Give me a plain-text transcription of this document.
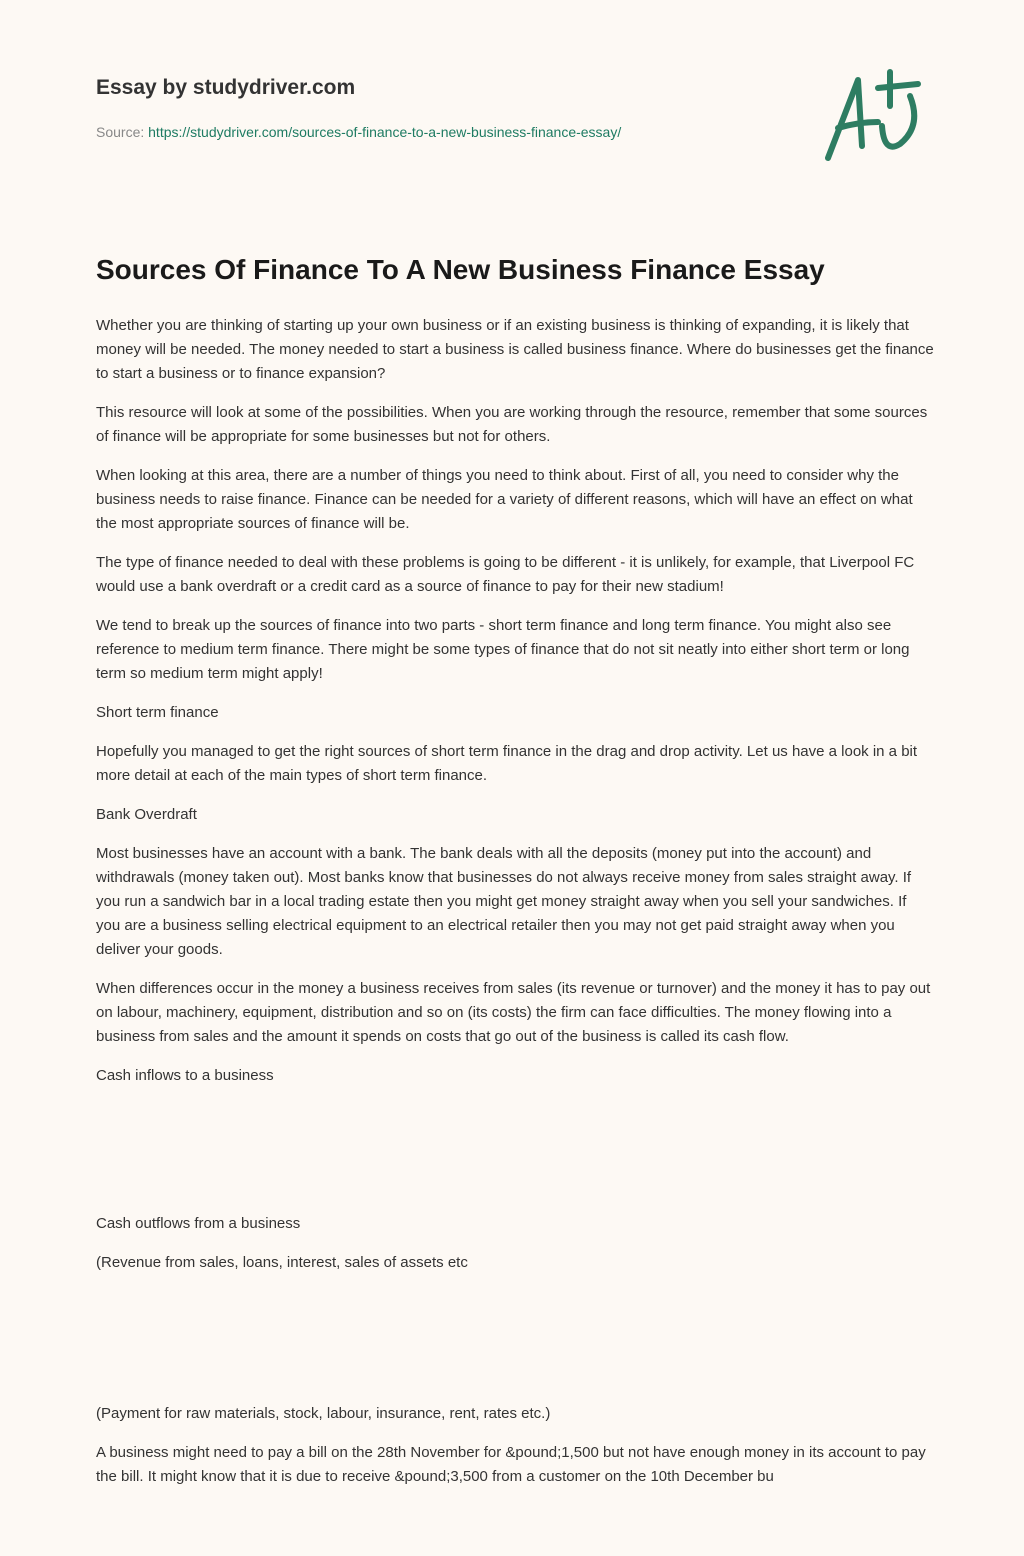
Essay by studydriver.com
Source: https://studydriver.com/sources-of-finance-to-a-new-business-finance-essay/
Sources Of Finance To A New Business Finance Essay

Whether you are thinking of starting up your own business or if an existing business is thinking of expanding, it is likely that money will be needed. The money needed to start a business is called business finance. Where do businesses get the finance to start a business or to finance expansion?

This resource will look at some of the possibilities. When you are working through the resource, remember that some sources of finance will be appropriate for some businesses but not for others.

When looking at this area, there are a number of things you need to think about. First of all, you need to consider why the business needs to raise finance. Finance can be needed for a variety of different reasons, which will have an effect on what the most appropriate sources of finance will be.

The type of finance needed to deal with these problems is going to be different - it is unlikely, for example, that Liverpool FC would use a bank overdraft or a credit card as a source of finance to pay for their new stadium!

We tend to break up the sources of finance into two parts - short term finance and long term finance. You might also see reference to medium term finance. There might be some types of finance that do not sit neatly into either short term or long term so medium term might apply!

Short term finance

Hopefully you managed to get the right sources of short term finance in the drag and drop activity. Let us have a look in a bit more detail at each of the main types of short term finance.

Bank Overdraft

Most businesses have an account with a bank. The bank deals with all the deposits (money put into the account) and withdrawals (money taken out). Most banks know that businesses do not always receive money from sales straight away. If you run a sandwich bar in a local trading estate then you might get money straight away when you sell your sandwiches. If you are a business selling electrical equipment to an electrical retailer then you may not get paid straight away when you deliver your goods.

When differences occur in the money a business receives from sales (its revenue or turnover) and the money it has to pay out on labour, machinery, equipment, distribution and so on (its costs) the firm can face difficulties. The money flowing into a business from sales and the amount it spends on costs that go out of the business is called its cash flow.

Cash inflows to a business

Cash outflows from a business

(Revenue from sales, loans, interest, sales of assets etc

(Payment for raw materials, stock, labour, insurance, rent, rates etc.)

A business might need to pay a bill on the 28th November for &pound;1,500 but not have enough money in its account to pay the bill. It might know that it is due to receive &pound;3,500 from a customer on the 10th December bu
